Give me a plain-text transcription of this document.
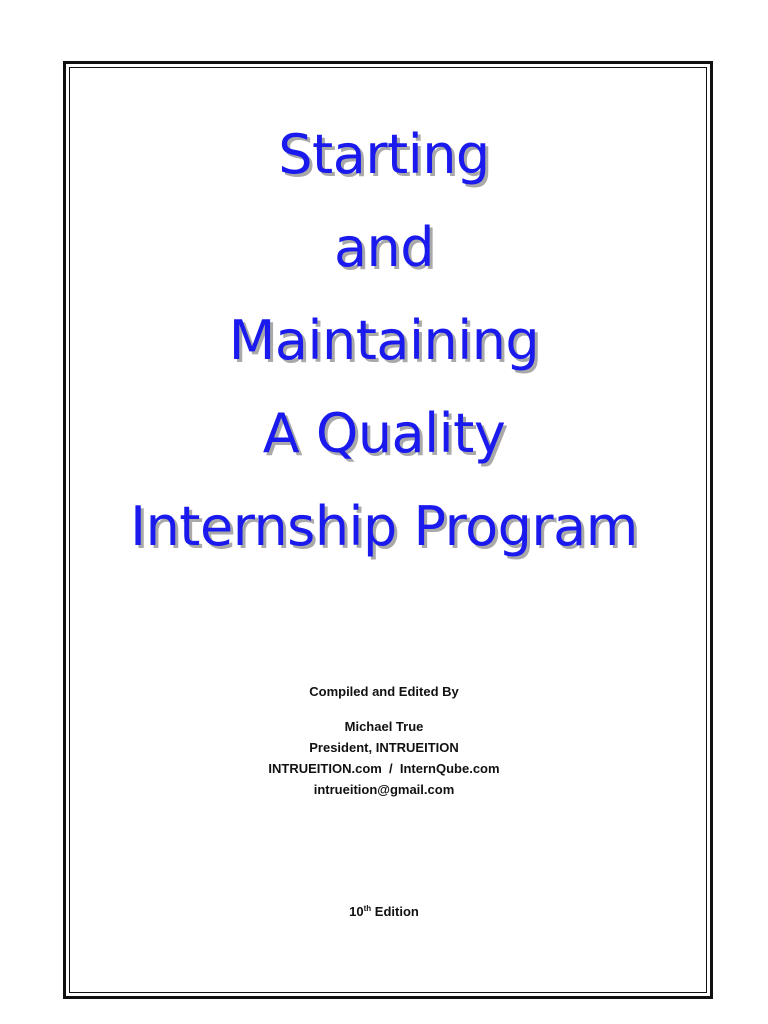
Starting
and
Maintaining
A Quality
Internship Program
Compiled and Edited By
Michael True
President, INTRUEITION
INTRUEITION.com  /  InternQube.com
intrueition@gmail.com
10th Edition
